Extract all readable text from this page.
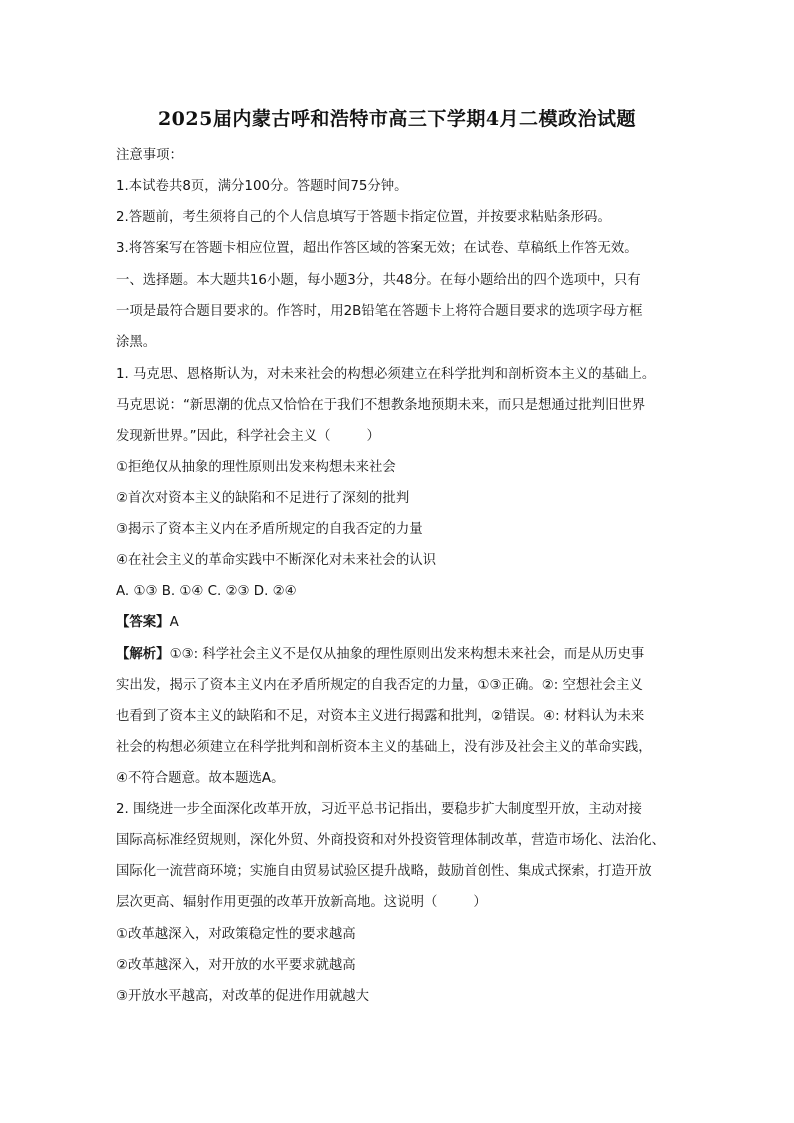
2025届内蒙古呼和浩特市高三下学期4月二模政治试题
注意事项：
1.本试卷共8页，满分100分。答题时间75分钟。
2.答题前，考生须将自己的个人信息填写于答题卡指定位置，并按要求粘贴条形码。
3.将答案写在答题卡相应位置，超出作答区域的答案无效；在试卷、草稿纸上作答无效。
一、选择题。本大题共16小题，每小题3分，共48分。在每小题给出的四个选项中，只有
一项是最符合题目要求的。作答时，用2B铅笔在答题卡上将符合题目要求的选项字母方框
涂黑。
1. 马克思、恩格斯认为，对未来社会的构想必须建立在科学批判和剖析资本主义的基础上。
马克思说：“新思潮的优点又恰恰在于我们不想教条地预期未来，而只是想通过批判旧世界
发现新世界。”因此，科学社会主义（	）
①拒绝仅从抽象的理性原则出发来构想未来社会
②首次对资本主义的缺陷和不足进行了深刻的批判
③揭示了资本主义内在矛盾所规定的自我否定的力量
④在社会主义的革命实践中不断深化对未来社会的认识
A. ①③ B. ①④ C. ②③ D. ②④
【答案】A
【解析】①③: 科学社会主义不是仅从抽象的理性原则出发来构想未来社会，而是从历史事
实出发，揭示了资本主义内在矛盾所规定的自我否定的力量，①③正确。②: 空想社会主义
也看到了资本主义的缺陷和不足，对资本主义进行揭露和批判，②错误。④: 材料认为未来
社会的构想必须建立在科学批判和剖析资本主义的基础上，没有涉及社会主义的革命实践，
④不符合题意。故本题选A。
2. 围绕进一步全面深化改革开放，习近平总书记指出，要稳步扩大制度型开放，主动对接
国际高标准经贸规则，深化外贸、外商投资和对外投资管理体制改革，营造市场化、法治化、
国际化一流营商环境；实施自由贸易试验区提升战略，鼓励首创性、集成式探索，打造开放
层次更高、辐射作用更强的改革开放新高地。这说明（	）
①改革越深入，对政策稳定性的要求越高
②改革越深入，对开放的水平要求就越高
③开放水平越高，对改革的促进作用就越大
